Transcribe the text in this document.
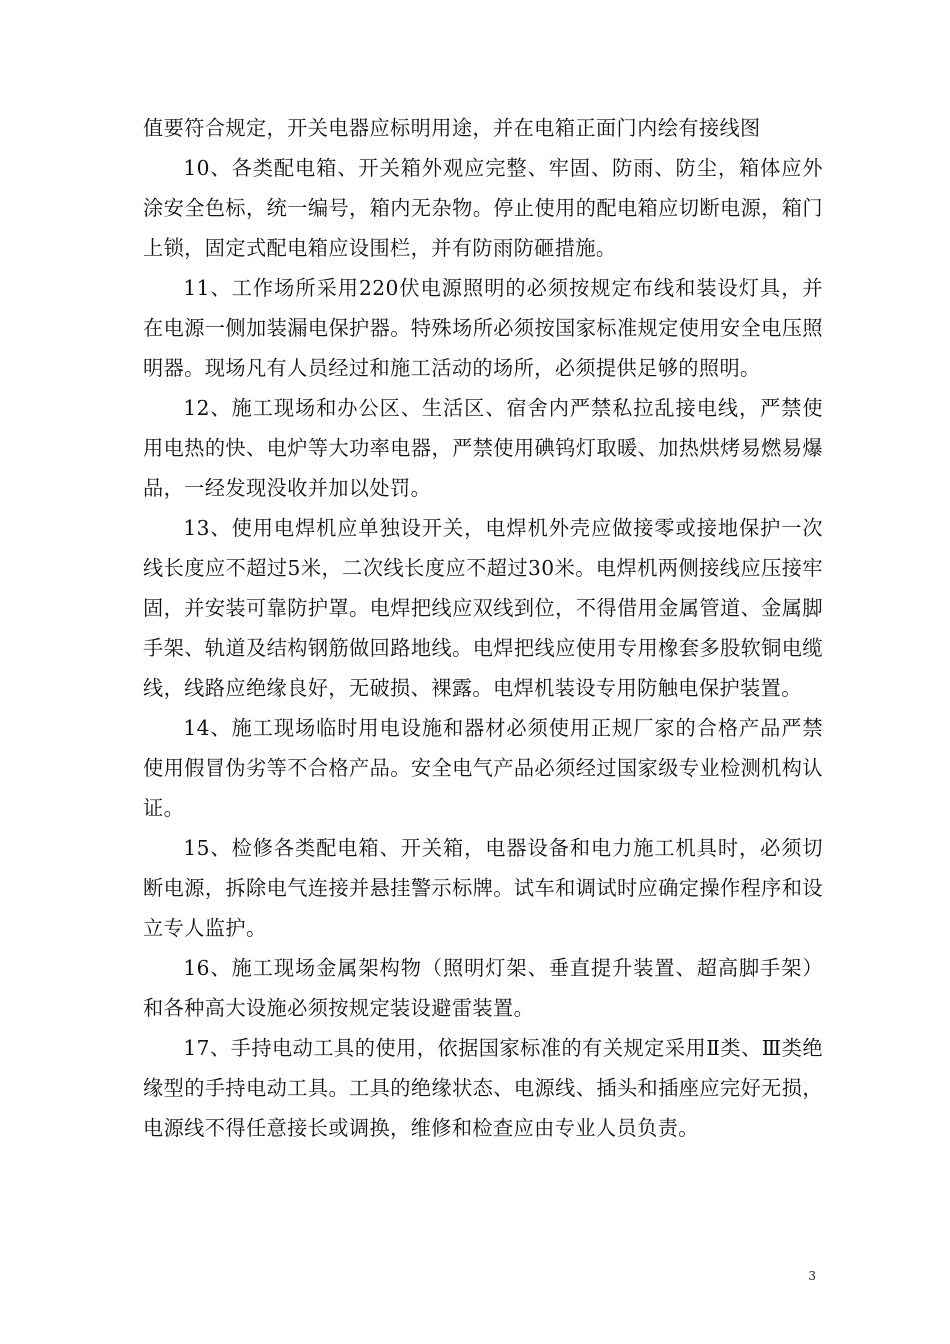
值要符合规定，开关电器应标明用途，并在电箱正面门内绘有接线图

10、各类配电箱、开关箱外观应完整、牢固、防雨、防尘，箱体应外涂安全色标，统一编号，箱内无杂物。停止使用的配电箱应切断电源，箱门上锁，固定式配电箱应设围栏，并有防雨防砸措施。

11、工作场所采用220伏电源照明的必须按规定布线和装设灯具，并在电源一侧加装漏电保护器。特殊场所必须按国家标准规定使用安全电压照明器。现场凡有人员经过和施工活动的场所，必须提供足够的照明。

12、施工现场和办公区、生活区、宿舍内严禁私拉乱接电线，严禁使用电热的快、电炉等大功率电器，严禁使用碘钨灯取暖、加热烘烤易燃易爆品，一经发现没收并加以处罚。

13、使用电焊机应单独设开关，电焊机外壳应做接零或接地保护一次线长度应不超过5米，二次线长度应不超过30米。电焊机两侧接线应压接牢固，并安装可靠防护罩。电焊把线应双线到位，不得借用金属管道、金属脚手架、轨道及结构钢筋做回路地线。电焊把线应使用专用橡套多股软铜电缆线，线路应绝缘良好，无破损、裸露。电焊机装设专用防触电保护装置。

14、施工现场临时用电设施和器材必须使用正规厂家的合格产品严禁使用假冒伪劣等不合格产品。安全电气产品必须经过国家级专业检测机构认证。

15、检修各类配电箱、开关箱，电器设备和电力施工机具时，必须切断电源，拆除电气连接并悬挂警示标牌。试车和调试时应确定操作程序和设立专人监护。

16、施工现场金属架构物（照明灯架、垂直提升装置、超高脚手架）和各种高大设施必须按规定装设避雷装置。

17、手持电动工具的使用，依据国家标准的有关规定采用Ⅱ类、Ⅲ类绝缘型的手持电动工具。工具的绝缘状态、电源线、插头和插座应完好无损，电源线不得任意接长或调换，维修和检查应由专业人员负责。

3
